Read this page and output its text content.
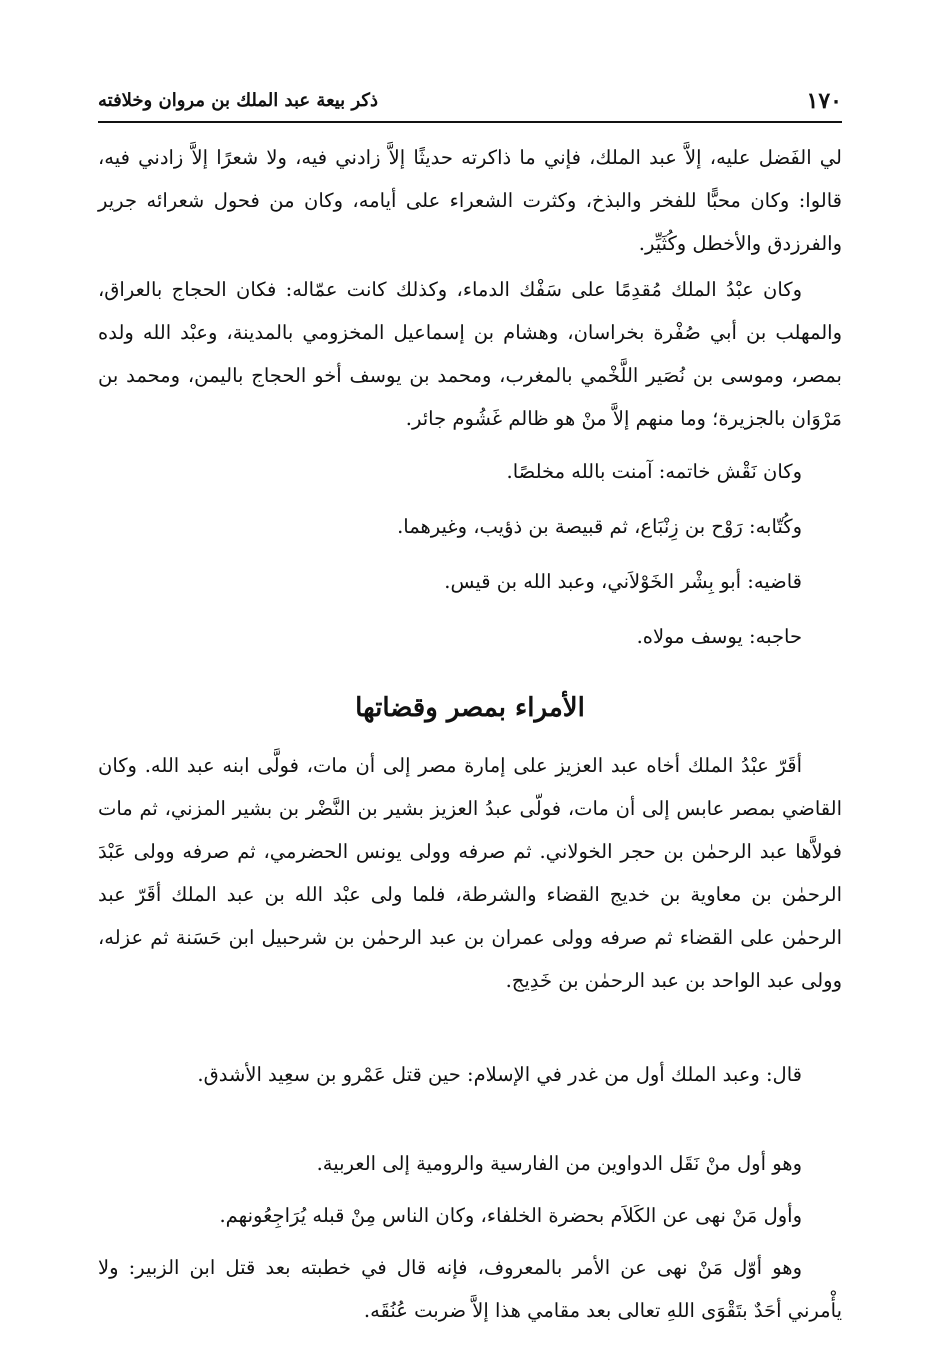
١٧٠
ذكر بيعة عبد الملك بن مروان وخلافته

لي الفَضل عليه، إلاَّ عبد الملك، فإني ما ذاكرته حديثًا إلاَّ زادني فيه، ولا شعرًا إلاَّ زادني فيه، قالوا: وكان محبًّا للفخر والبذخ، وكثرت الشعراء على أيامه، وكان من فحول شعرائه جرير والفرزدق والأخطل وكُثَيِّر.

وكان عبْدُ الملك مُقدِمًا على سَفْك الدماء، وكذلك كانت عمّاله: فكان الحجاج بالعراق، والمهلب بن أبي صُفْرة بخراسان، وهشام بن إسماعيل المخزومي بالمدينة، وعبْد الله ولده بمصر، وموسى بن نُصَير اللَّخْمي بالمغرب، ومحمد بن يوسف أخو الحجاج باليمن، ومحمد بن مَرْوَان بالجزيرة؛ وما منهم إلاَّ منْ هو ظالم غَشُوم جائر.

وكان نَقْش خاتمه: آمنت بالله مخلصًا.

وكُتّابه: رَوْح بن زِنْبَاع، ثم قبيصة بن ذؤيب، وغيرهما.

قاضيه: أبو بِشْر الخَوْلاَني، وعبد الله بن قيس.

حاجبه: يوسف مولاه.

الأمراء بمصر وقضاتها

أقَرّ عبْدُ الملك أخاه عبد العزيز على إمارة مصر إلى أن مات، فولَّى ابنه عبد الله. وكان القاضي بمصر عابس إلى أن مات، فولّى عبدُ العزيز بشير بن النَّضْر بن بشير المزني، ثم مات فولاَّها عبد الرحمٰن بن حجر الخولاني. ثم صرفه وولى يونس الحضرمي، ثم صرفه وولى عَبْدَ الرحمٰن بن معاوية بن خديج القضاء والشرطة، فلما ولى عبْد الله بن عبد الملك أقَرّ عبد الرحمٰن على القضاء ثم صرفه وولى عمران بن عبد الرحمٰن بن شرحبيل ابن حَسَنة ثم عزله، وولى عبد الواحد بن عبد الرحمٰن بن خَدِيج.

قال: وعبد الملك أول من غدر في الإسلام: حين قتل عَمْرو بن سعِيد الأشدق.

وهو أول منْ نَقَل الدواوين من الفارسية والرومية إلى العربية.

وأول مَنْ نهى عن الكَلاَم بحضرة الخلفاء، وكان الناس مِنْ قبله يُرَاجِعُونهم.

وهو أوّل مَنْ نهى عن الأمر بالمعروف، فإنه قال في خطبته بعد قتل ابن الزبير: ولا يأْمرني أحَدٌ بتَقْوَى اللهِ تعالى بعد مقامي هذا إلاَّ ضربت عُنُقَه.
